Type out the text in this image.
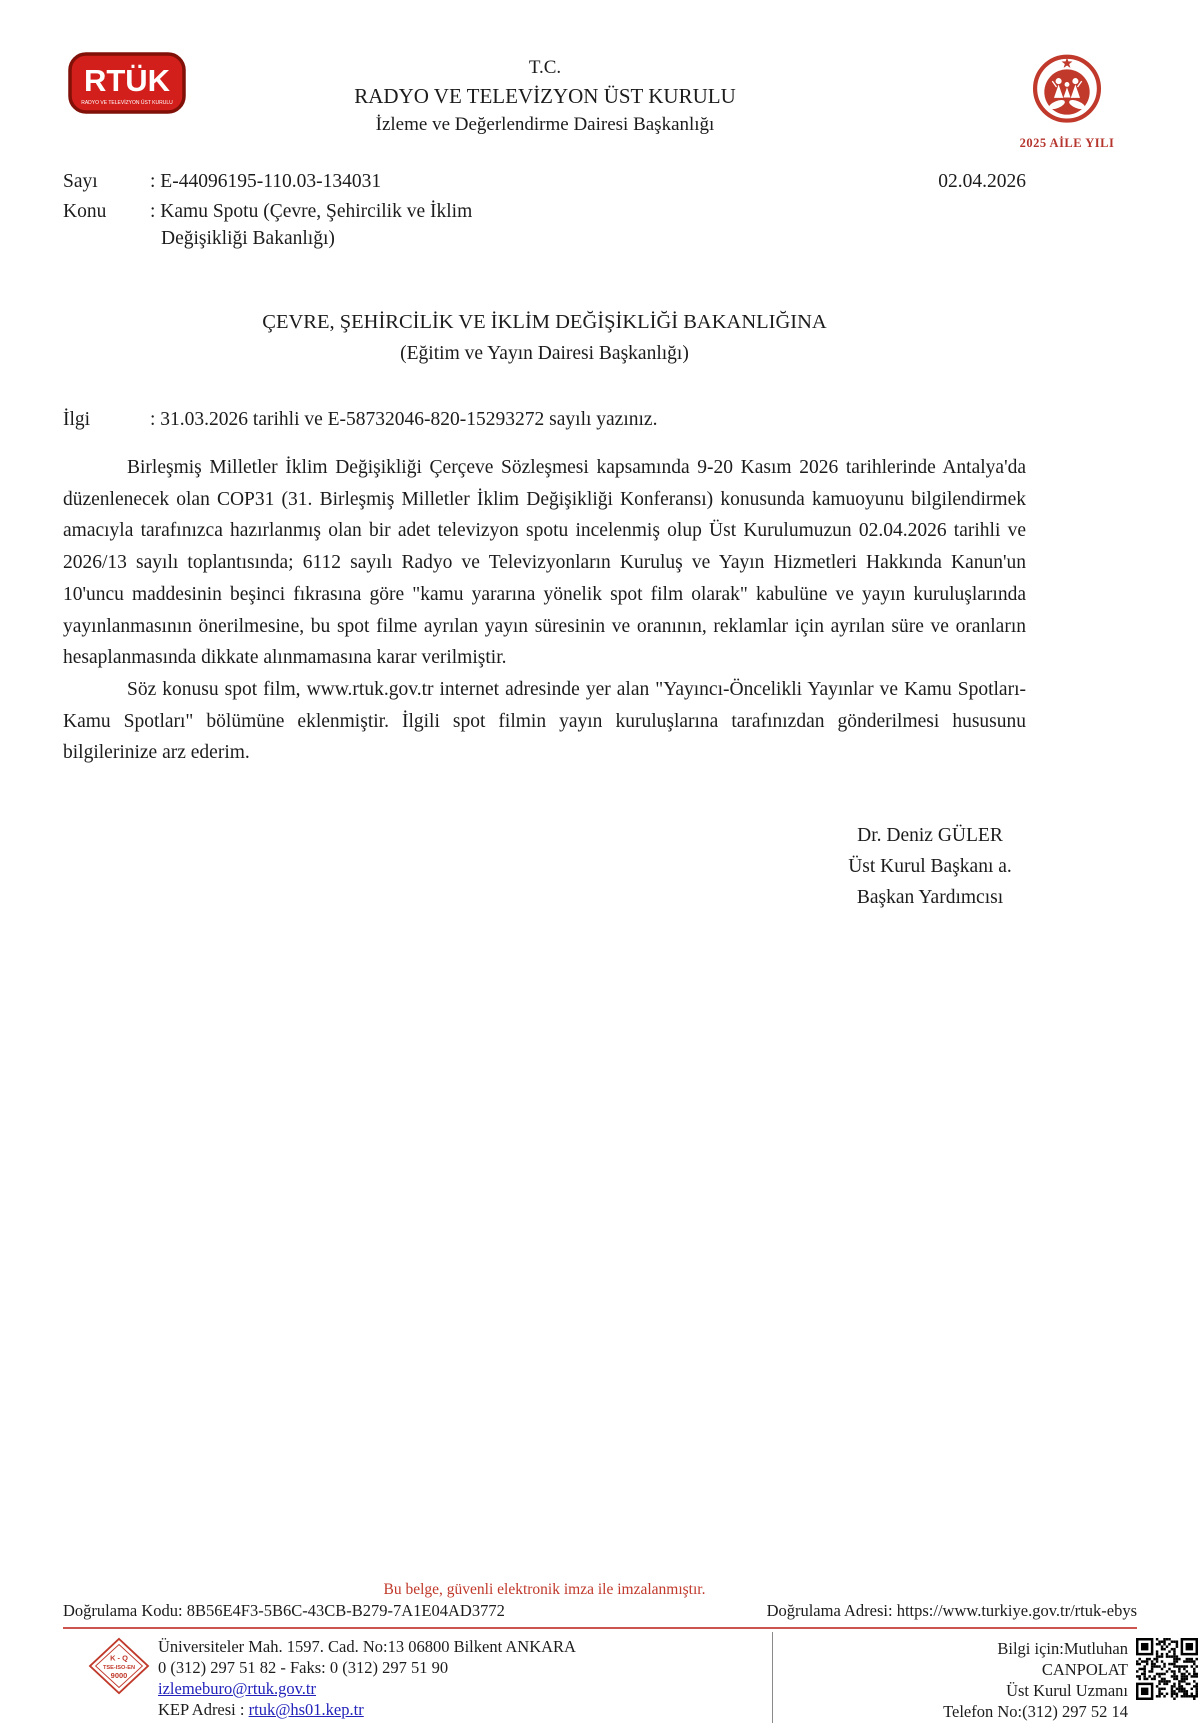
RTÜK
RADYO VE TELEVİZYON ÜST KURULU
T.C.
RADYO VE TELEVİZYON ÜST KURULU
İzleme ve Değerlendirme Dairesi Başkanlığı
2025 AİLE YILI
Sayı	: E-44096195-110.03-134031	02.04.2026
Konu : Kamu Spotu (Çevre, Şehircilik ve İklim
Değişikliği Bakanlığı)
ÇEVRE, ŞEHİRCİLİK VE İKLİM DEĞİŞİKLİĞİ BAKANLIĞINA
(Eğitim ve Yayın Dairesi Başkanlığı)
İlgi	: 31.03.2026 tarihli ve E-58732046-820-15293272 sayılı yazınız.

Birleşmiş Milletler İklim Değişikliği Çerçeve Sözleşmesi kapsamında 9-20 Kasım 2026 tarihlerinde Antalya'da düzenlenecek olan COP31 (31. Birleşmiş Milletler İklim Değişikliği Konferansı) konusunda kamuoyunu bilgilendirmek amacıyla tarafınızca hazırlanmış olan bir adet televizyon spotu incelenmiş olup Üst Kurulumuzun 02.04.2026 tarihli ve 2026/13 sayılı toplantısında; 6112 sayılı Radyo ve Televizyonların Kuruluş ve Yayın Hizmetleri Hakkında Kanun'un 10'uncu maddesinin beşinci fıkrasına göre "kamu yararına yönelik spot film olarak" kabulüne ve yayın kuruluşlarında yayınlanmasının önerilmesine, bu spot filme ayrılan yayın süresinin ve oranının, reklamlar için ayrılan süre ve oranların hesaplanmasında dikkate alınmamasına karar verilmiştir.

Söz konusu spot film, www.rtuk.gov.tr internet adresinde yer alan "Yayıncı-Öncelikli Yayınlar ve Kamu Spotları-Kamu Spotları" bölümüne eklenmiştir. İlgili spot filmin yayın kuruluşlarına tarafınızdan gönderilmesi hususunu bilgilerinize arz ederim.

Dr. Deniz GÜLER
Üst Kurul Başkanı a.
Başkan Yardımcısı
Bu belge, güvenli elektronik imza ile imzalanmıştır.
Doğrulama Kodu: 8B56E4F3-5B6C-43CB-B279-7A1E04AD3772	Doğrulama Adresi: https://www.turkiye.gov.tr/rtuk-ebys
K - Q
TSE-ISO-EN
9000
Üniversiteler Mah. 1597. Cad. No:13 06800 Bilkent ANKARA
0 (312) 297 51 82 - Faks: 0 (312) 297 51 90
izlemeburo@rtuk.gov.tr
KEP Adresi : rtuk@hs01.kep.tr
Bilgi için:Mutluhan
CANPOLAT
Üst Kurul Uzmanı
Telefon No:(312) 297 52 14
